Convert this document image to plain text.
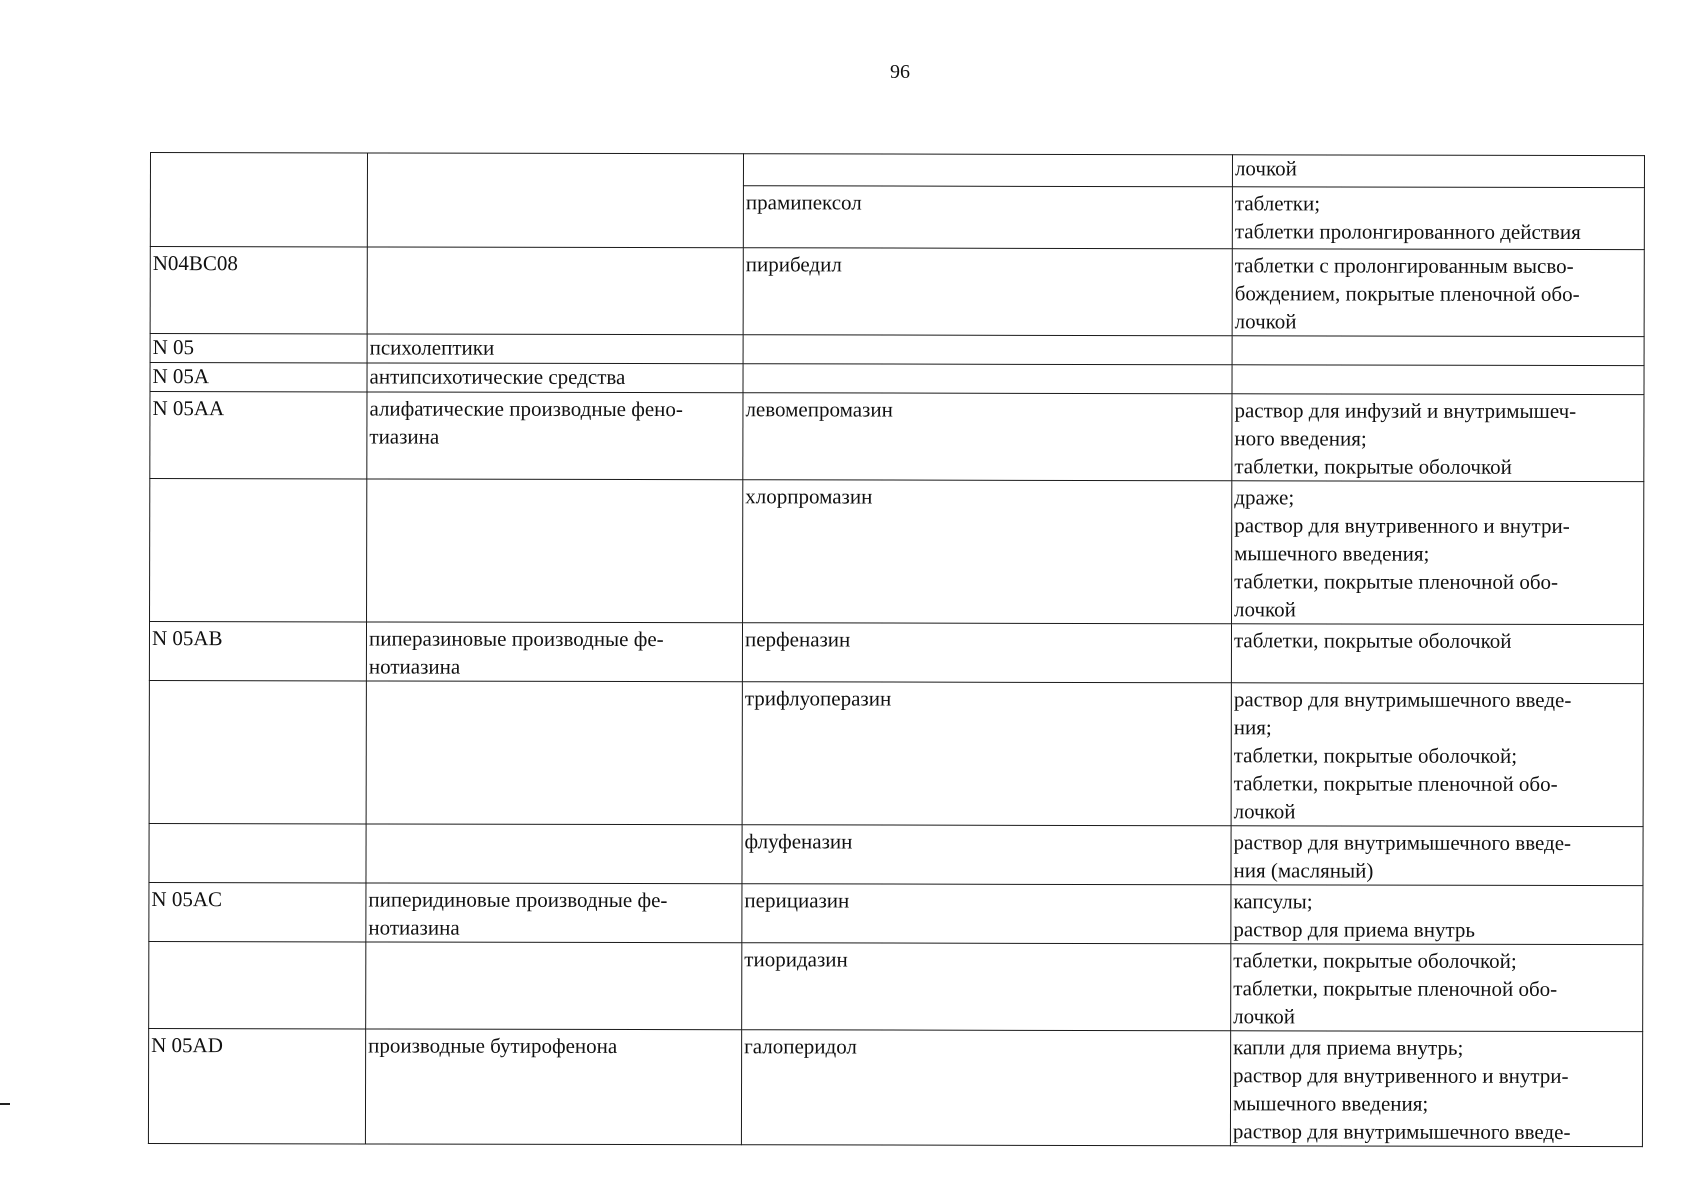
96
			лочкой
		прамипексол	таблетки;
таблетки пролонгированного действия
N04BC08		пирибедил	таблетки с пролонгированным высво-
бождением, покрытые пленочной обо-
лочкой
N 05	психолептики		
N 05A	антипсихотические средства		
N 05AA	алифатические производные фено-
тиазина	левомепромазин	раствор для инфузий и внутримышеч-
ного введения;
таблетки, покрытые оболочкой
		хлорпромазин	драже;
раствор для внутривенного и внутри-
мышечного введения;
таблетки, покрытые пленочной обо-
лочкой
N 05AB	пиперазиновые производные фе-
нотиазина	перфеназин	таблетки, покрытые оболочкой
		трифлуоперазин	раствор для внутримышечного введе-
ния;
таблетки, покрытые оболочкой;
таблетки, покрытые пленочной обо-
лочкой
		флуфеназин	раствор для внутримышечного введе-
ния (масляный)
N 05AC	пиперидиновые производные фе-
нотиазина	перициазин	капсулы;
раствор для приема внутрь
		тиоридазин	таблетки, покрытые оболочкой;
таблетки, покрытые пленочной обо-
лочкой
N 05AD	производные бутирофенона	галоперидол	капли для приема внутрь;
раствор для внутривенного и внутри-
мышечного введения;
раствор для внутримышечного введе-
